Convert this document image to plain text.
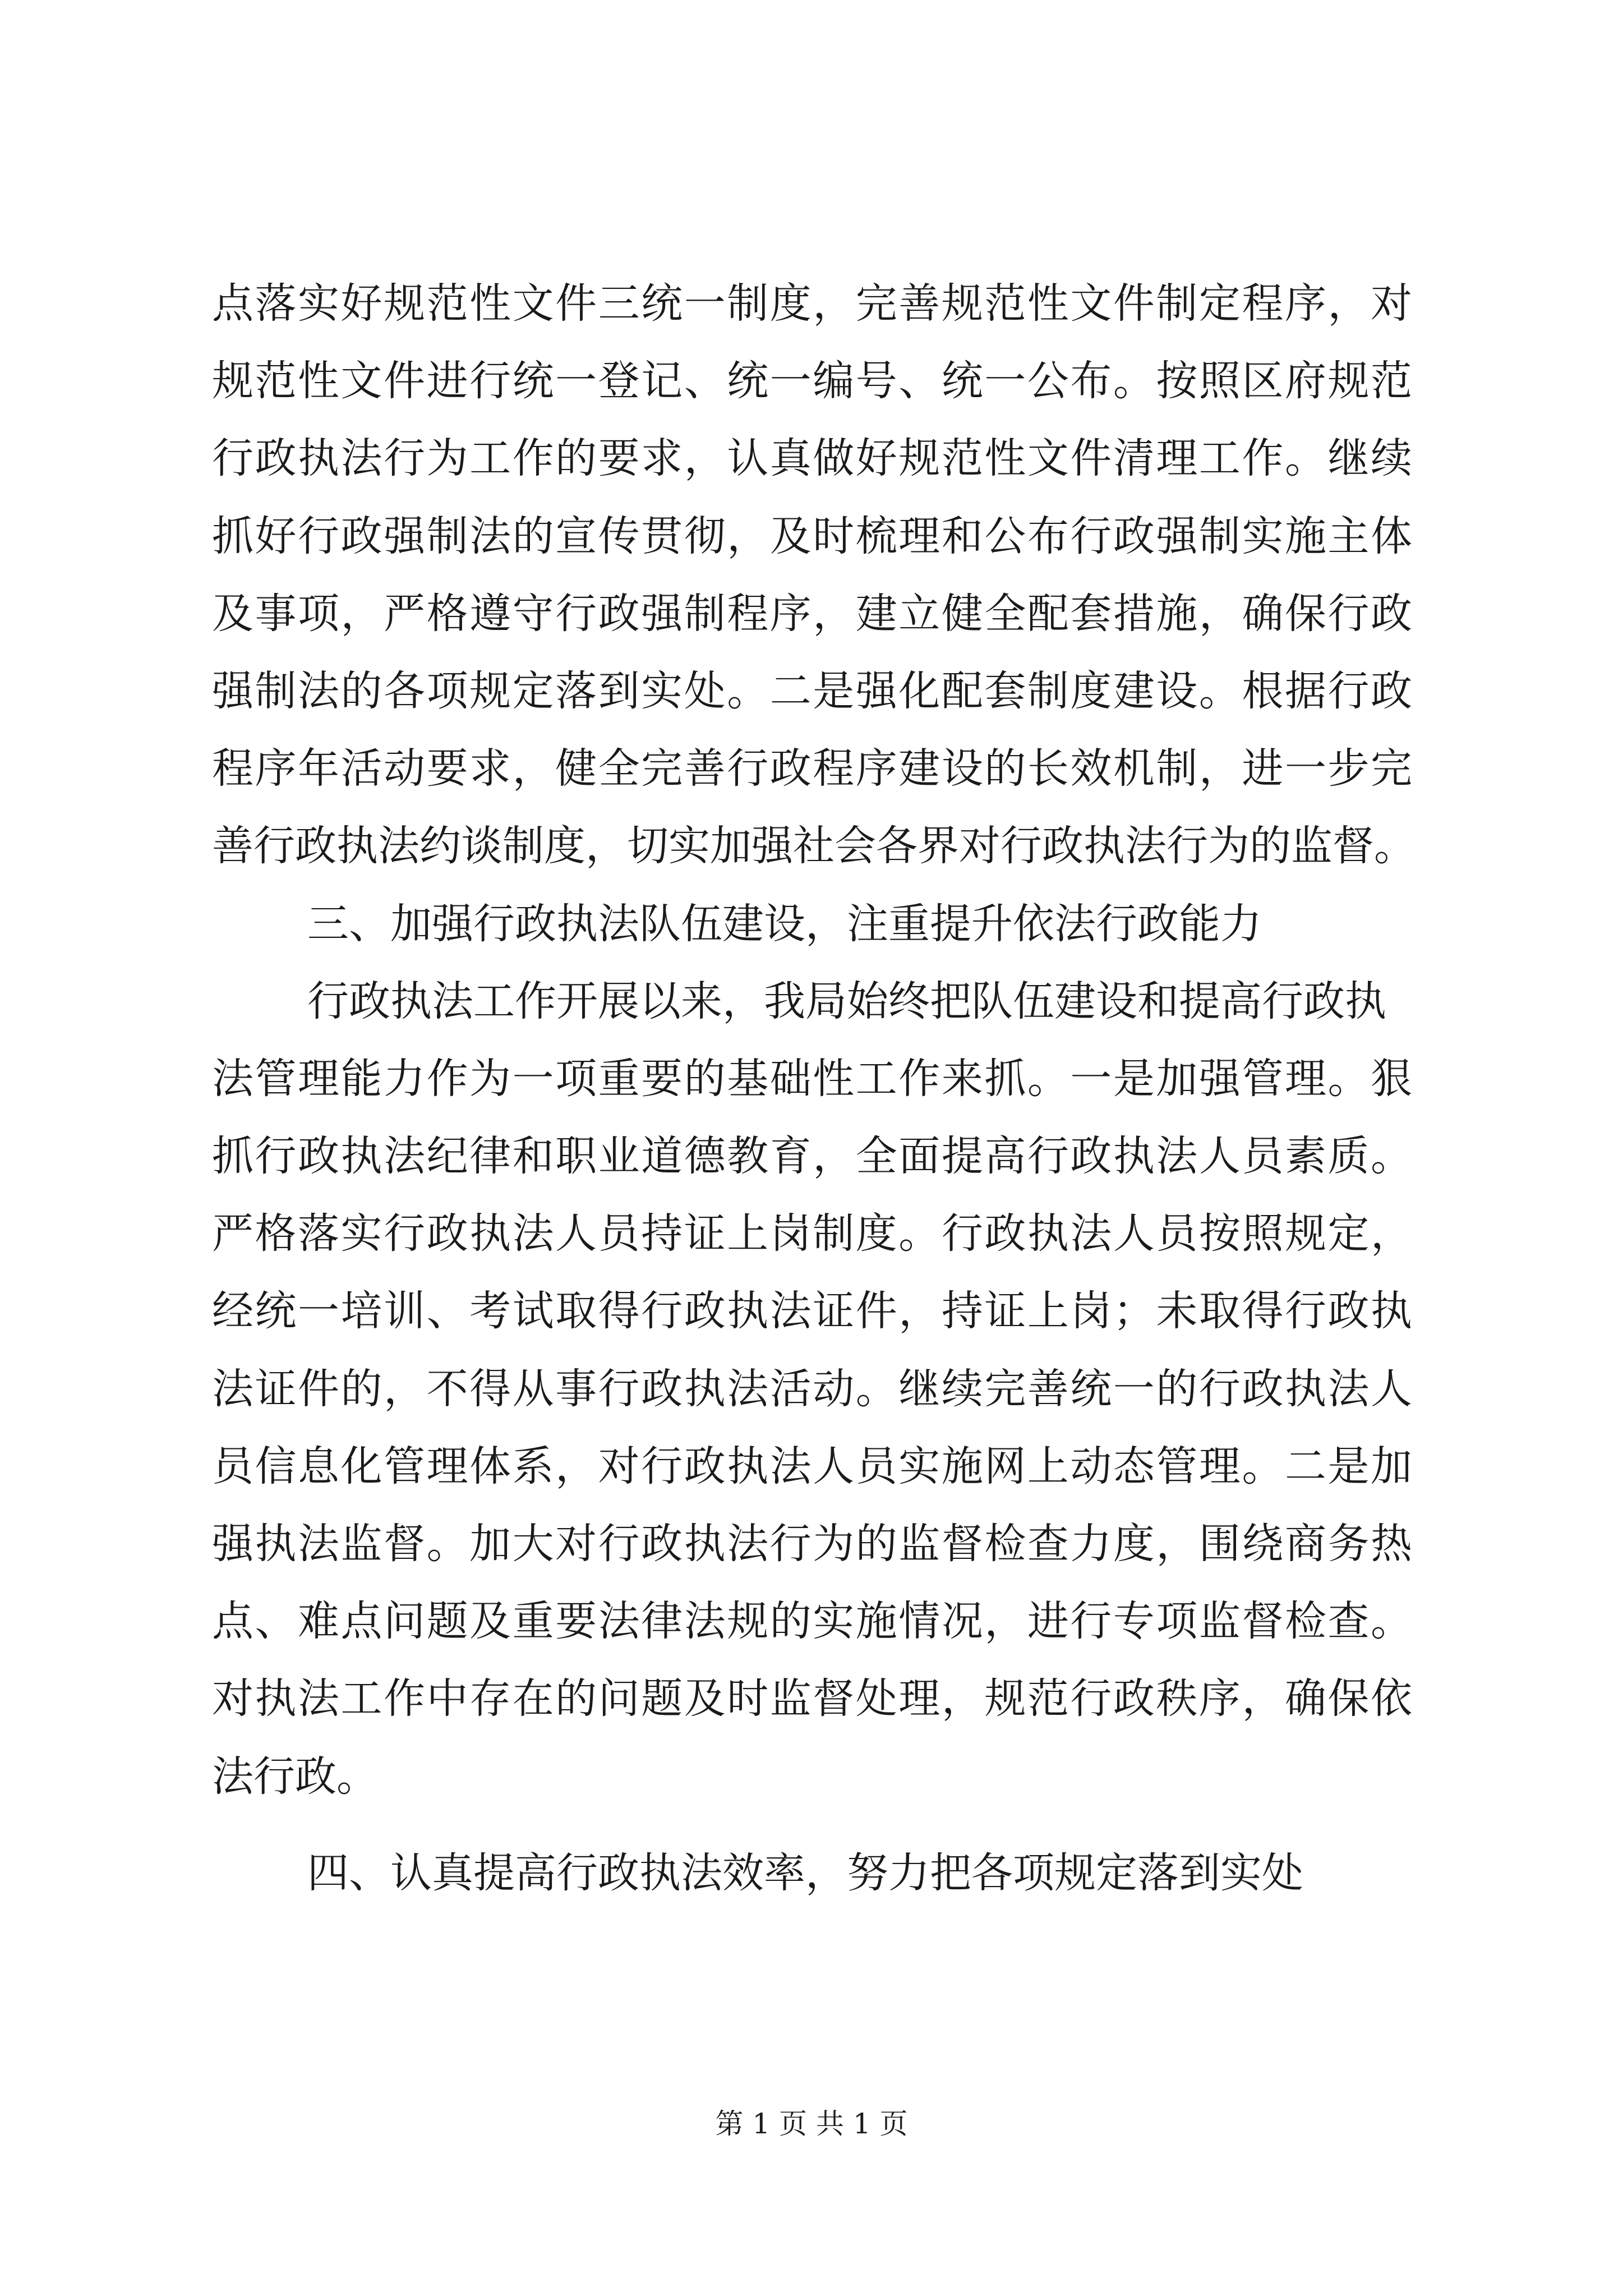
点落实好规范性文件三统一制度，完善规范性文件制定程序，对
规范性文件进行统一登记、统一编号、统一公布。按照区府规范
行政执法行为工作的要求，认真做好规范性文件清理工作。继续
抓好行政强制法的宣传贯彻，及时梳理和公布行政强制实施主体
及事项，严格遵守行政强制程序，建立健全配套措施，确保行政
强制法的各项规定落到实处。二是强化配套制度建设。根据行政
程序年活动要求，健全完善行政程序建设的长效机制，进一步完
善行政执法约谈制度，切实加强社会各界对行政执法行为的监督。
三、加强行政执法队伍建设，注重提升依法行政能力
行政执法工作开展以来，我局始终把队伍建设和提高行政执
法管理能力作为一项重要的基础性工作来抓。一是加强管理。狠
抓行政执法纪律和职业道德教育，全面提高行政执法人员素质。
严格落实行政执法人员持证上岗制度。行政执法人员按照规定，
经统一培训、考试取得行政执法证件，持证上岗；未取得行政执
法证件的，不得从事行政执法活动。继续完善统一的行政执法人
员信息化管理体系，对行政执法人员实施网上动态管理。二是加
强执法监督。加大对行政执法行为的监督检查力度，围绕商务热
点、难点问题及重要法律法规的实施情况，进行专项监督检查。
对执法工作中存在的问题及时监督处理，规范行政秩序，确保依
法行政。
四、认真提高行政执法效率，努力把各项规定落到实处
第 1 页 共 1 页
